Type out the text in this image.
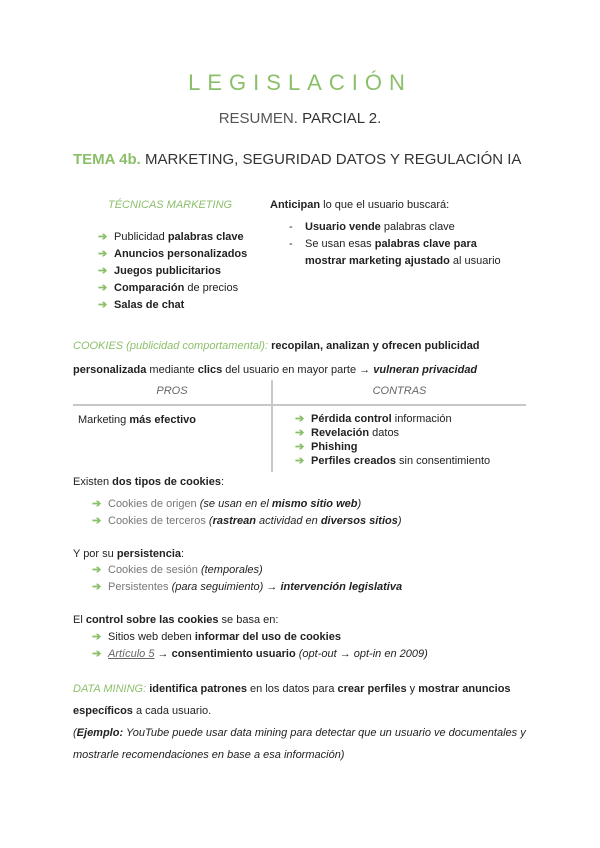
LEGISLACIÓN
RESUMEN. PARCIAL 2.
TEMA 4b. MARKETING, SEGURIDAD DATOS Y REGULACIÓN IA
TÉCNICAS MARKETING
➔ Publicidad palabras clave
➔ Anuncios personalizados
➔ Juegos publicitarios
➔ Comparación de precios
➔ Salas de chat
Anticipan lo que el usuario buscará:
- Usuario vende palabras clave
- Se usan esas palabras clave para
mostrar marketing ajustado al usuario
COOKIES (publicidad comportamental): recopilan, analizan y ofrecen publicidad
personalizada mediante clics del usuario en mayor parte → vulneran privacidad
PROS	CONTRAS
Marketing más efectivo	➔ Pérdida control información
➔ Revelación datos
➔ Phishing
➔ Perfiles creados sin consentimiento
Existen dos tipos de cookies:
➔ Cookies de origen (se usan en el mismo sitio web)
➔ Cookies de terceros (rastrean actividad en diversos sitios)
Y por su persistencia:
➔ Cookies de sesión (temporales)
➔ Persistentes (para seguimiento) → intervención legislativa
El control sobre las cookies se basa en:
➔ Sitios web deben informar del uso de cookies
➔ Artículo 5 → consentimiento usuario (opt-out → opt-in en 2009)
DATA MINING: identifica patrones en los datos para crear perfiles y mostrar anuncios
específicos a cada usuario.
(Ejemplo: YouTube puede usar data mining para detectar que un usuario ve documentales y
mostrarle recomendaciones en base a esa información)
